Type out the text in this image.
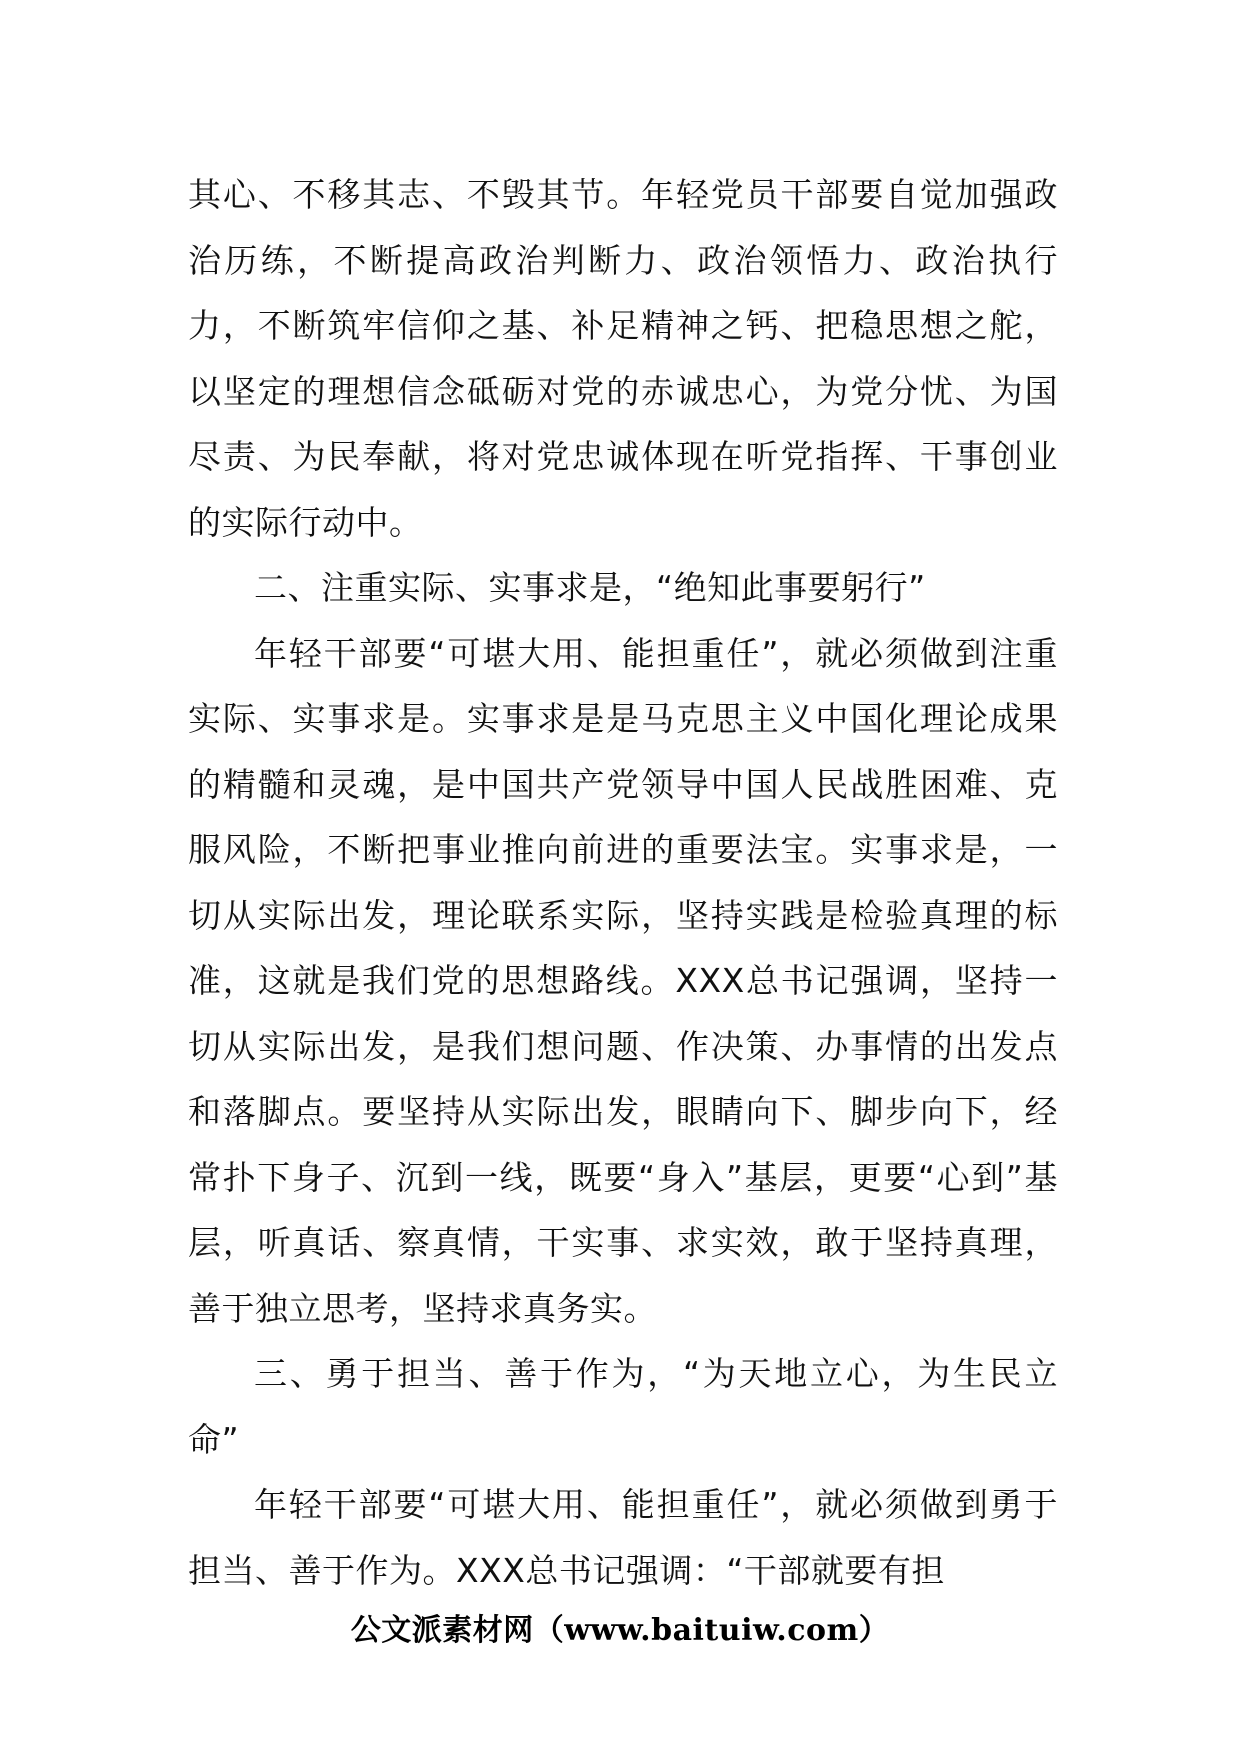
其心、不移其志、不毁其节。年轻党员干部要自觉加强政治历练，不断提高政治判断力、政治领悟力、政治执行力，不断筑牢信仰之基、补足精神之钙、把稳思想之舵，以坚定的理想信念砥砺对党的赤诚忠心，为党分忧、为国尽责、为民奉献，将对党忠诚体现在听党指挥、干事创业的实际行动中。

二、注重实际、实事求是，“绝知此事要躬行”

年轻干部要“可堪大用、能担重任”，就必须做到注重实际、实事求是。实事求是是马克思主义中国化理论成果的精髓和灵魂，是中国共产党领导中国人民战胜困难、克服风险，不断把事业推向前进的重要法宝。实事求是，一切从实际出发，理论联系实际，坚持实践是检验真理的标准，这就是我们党的思想路线。XXX总书记强调，坚持一切从实际出发，是我们想问题、作决策、办事情的出发点和落脚点。要坚持从实际出发，眼睛向下、脚步向下，经常扑下身子、沉到一线，既要“身入”基层，更要“心到”基层，听真话、察真情，干实事、求实效，敢于坚持真理，善于独立思考，坚持求真务实。

三、勇于担当、善于作为，“为天地立心，为生民立命”

年轻干部要“可堪大用、能担重任”，就必须做到勇于担当、善于作为。XXX总书记强调：“干部就要有担

公文派素材网（www.baituiw.com）
